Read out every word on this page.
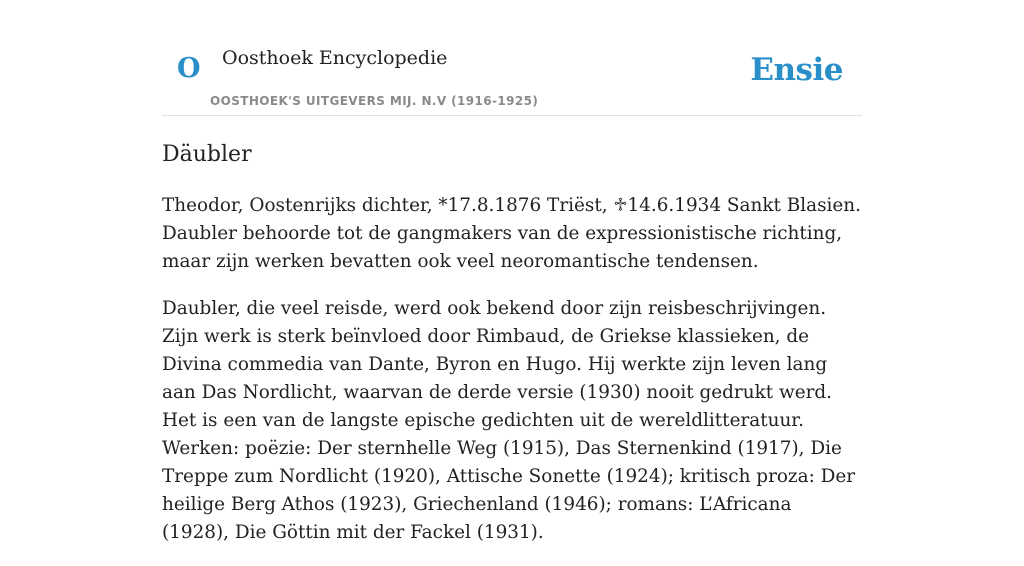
O Oosthoek Encyclopedie	Ensie
OOSTHOEK'S UITGEVERS MIJ. N.V (1916-1925)
Däubler

Theodor, Oostenrijks dichter, *17.8.1876 Triëst, ♱14.6.1934 Sankt Blasien. Daubler behoorde tot de gangmakers van de expressionistische richting, maar zijn werken bevatten ook veel neoromantische tendensen.

Daubler, die veel reisde, werd ook bekend door zijn reisbeschrijvingen. Zijn werk is sterk beïnvloed door Rimbaud, de Griekse klassieken, de Divina commedia van Dante, Byron en Hugo. Hij werkte zijn leven lang aan Das Nordlicht, waarvan de derde versie (1930) nooit gedrukt werd. Het is een van de langste epische gedichten uit de wereldlitteratuur. Werken: poëzie: Der sternhelle Weg (1915), Das Sternenkind (1917), Die Treppe zum Nordlicht (1920), Attische Sonette (1924); kritisch proza: Der heilige Berg Athos (1923), Griechenland (1946); romans: L’Africana (1928), Die Göttin mit der Fackel (1931).
